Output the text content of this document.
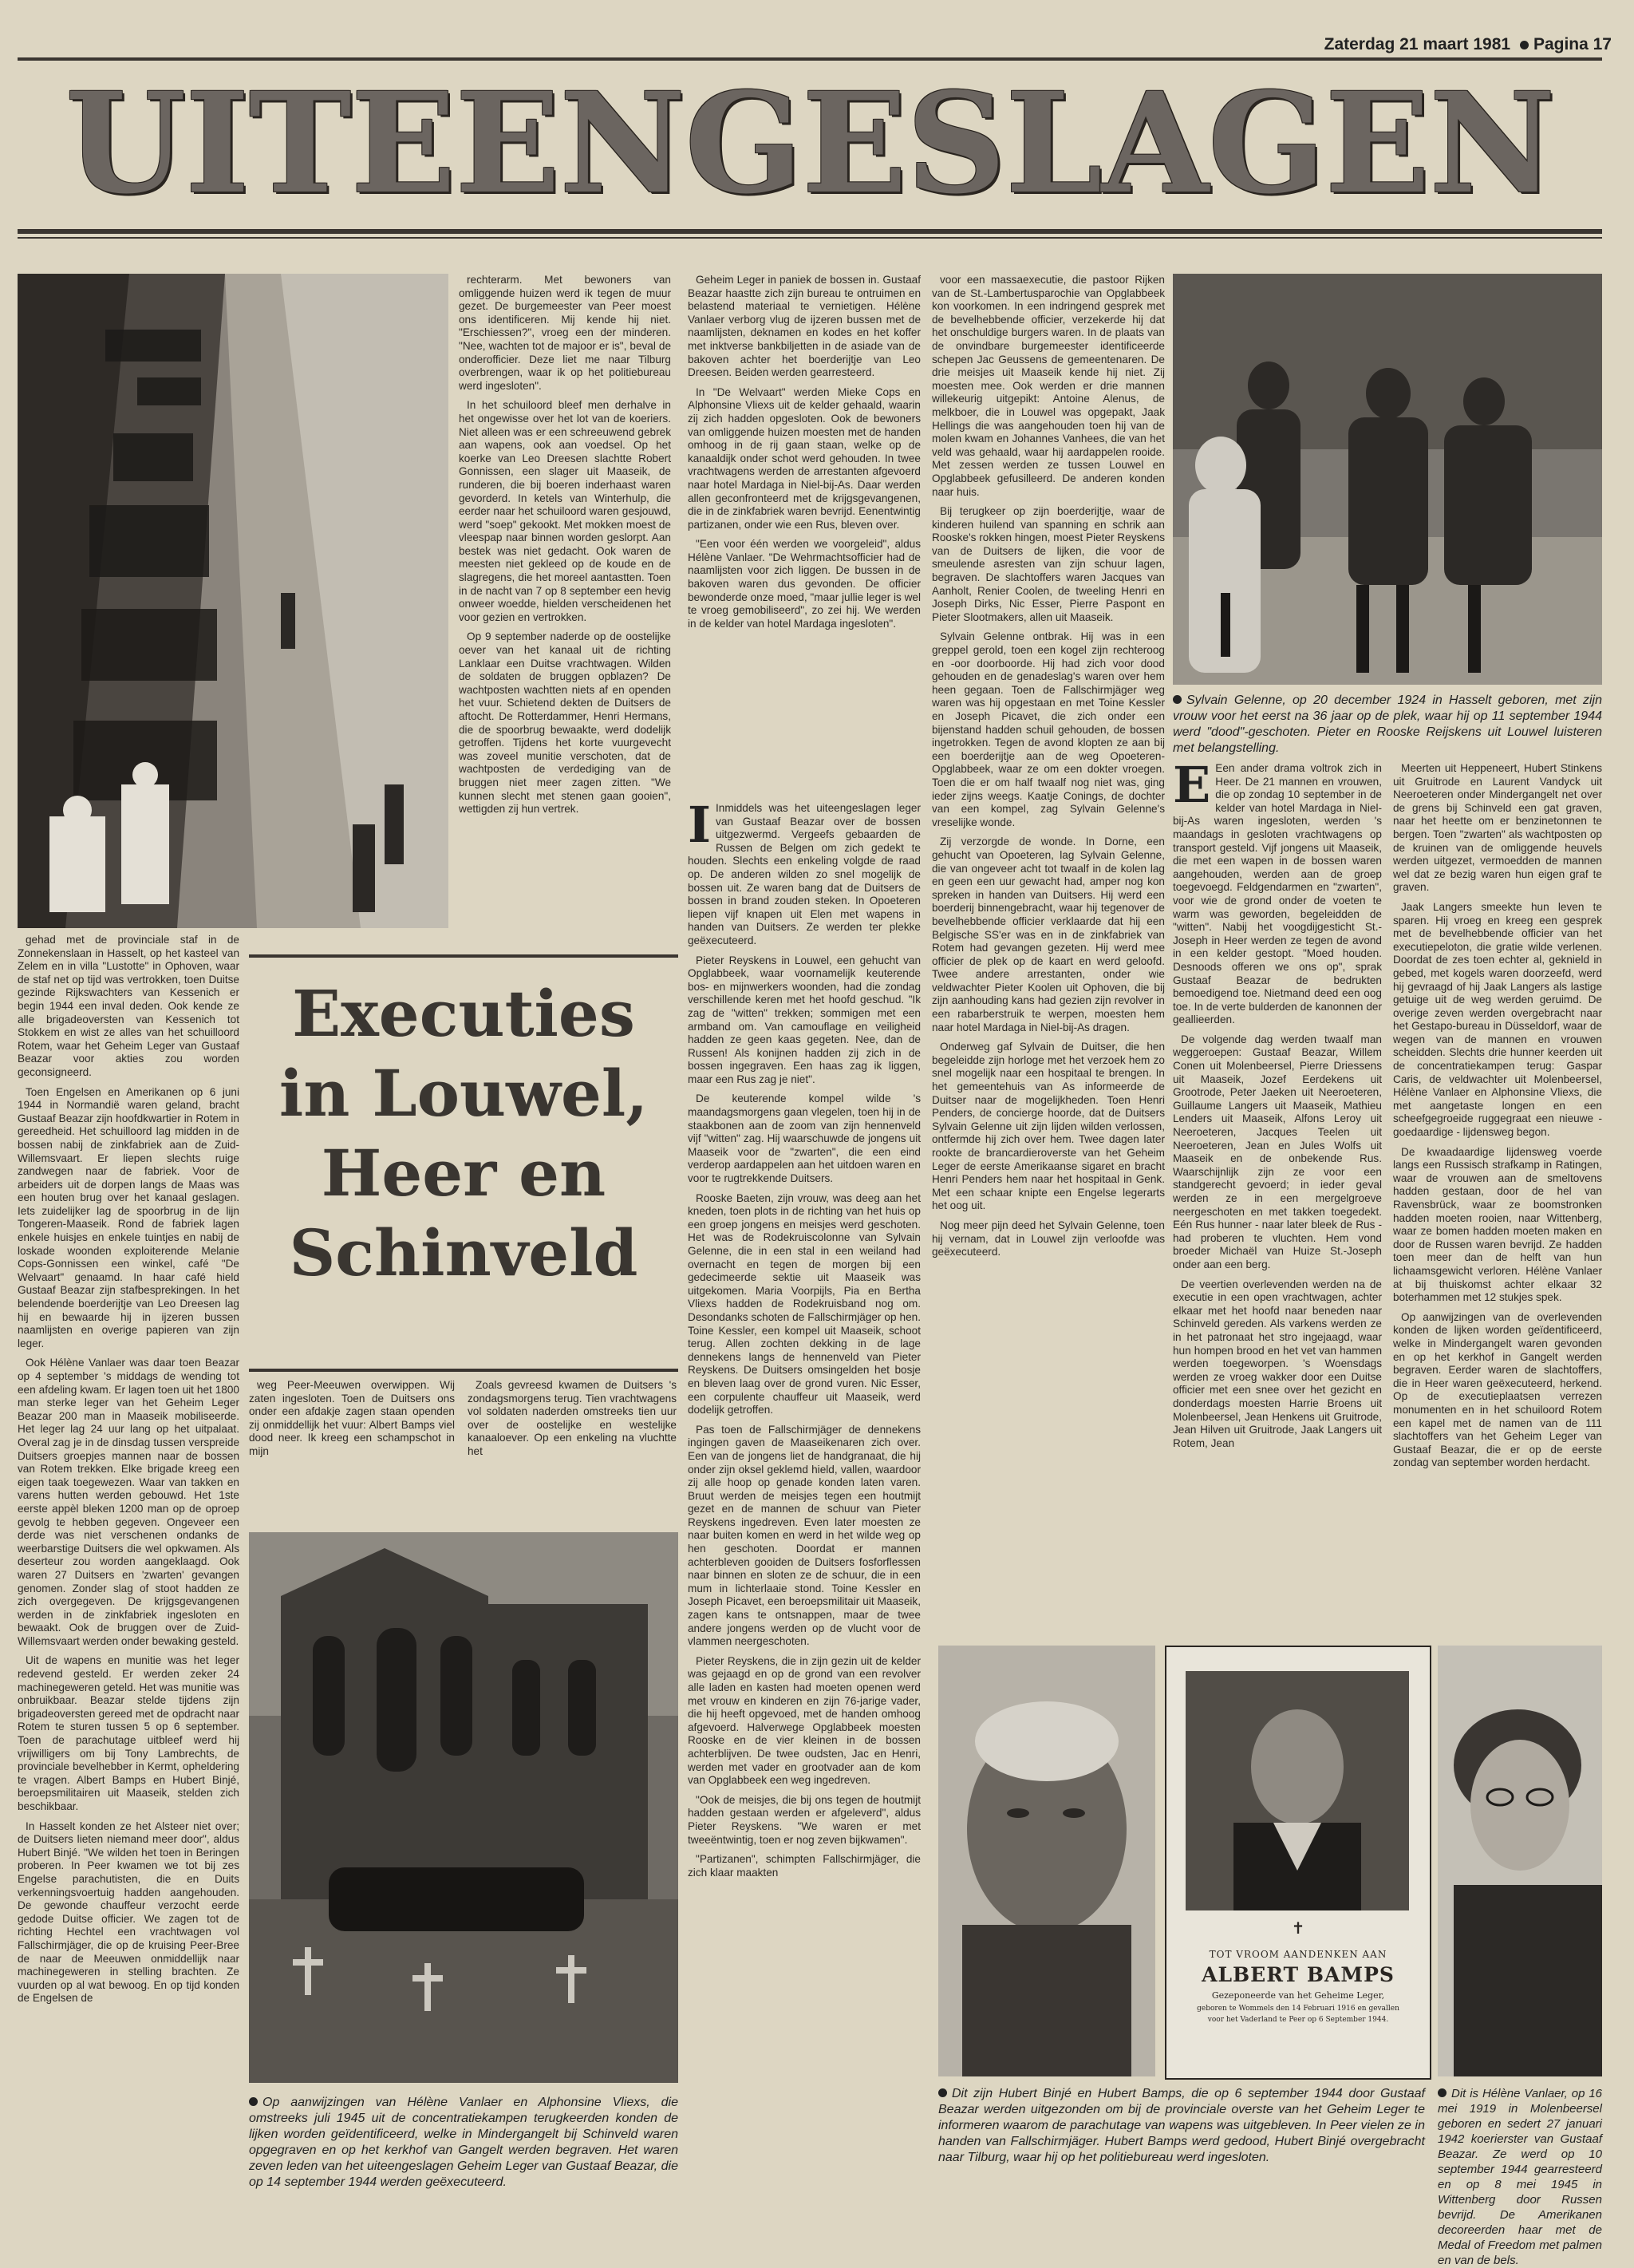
Zaterdag 21 maart 1981 Pagina 17
UITEENGESLAGEN
✝
TOT VROOM AANDENKEN AAN
ALBERT BAMPS
Gezeponeerde van het Geheime Leger,
geboren te Wommels den 14 Februari 1916 en gevallen
voor het Vaderland te Peer op 6 September 1944.
Executies in Louwel, Heer en Schinveld

gehad met de provinciale staf in de Zonnekenslaan in Hasselt, op het kasteel van Zelem en in villa "Lustotte" in Ophoven, waar de staf net op tijd was vertrokken, toen Duitse gezinde Rijkswachters van Kessenich er begin 1944 een inval deden. Ook kende ze alle brigadeoversten van Kessenich tot Stokkem en wist ze alles van het schuilloord Rotem, waar het Geheim Leger van Gustaaf Beazar voor akties zou worden geconsigneerd.

Toen Engelsen en Amerikanen op 6 juni 1944 in Normandië waren geland, bracht Gustaaf Beazar zijn hoofdkwartier in Rotem in gereedheid. Het schuilloord lag midden in de bossen nabij de zinkfabriek aan de Zuid-Willemsvaart. Er liepen slechts ruige zandwegen naar de fabriek. Voor de arbeiders uit de dorpen langs de Maas was een houten brug over het kanaal geslagen. Iets zuidelijker lag de spoorbrug in de lijn Tongeren-Maaseik. Rond de fabriek lagen enkele huisjes en enkele tuintjes en nabij de loskade woonden exploiterende Melanie Cops-Gonnissen een winkel, café "De Welvaart" genaamd. In haar café hield Gustaaf Beazar zijn stafbesprekingen. In het belendende boerderijtje van Leo Dreesen lag hij en bewaarde hij in ijzeren bussen naamlijsten en overige papieren van zijn leger.

Ook Hélène Vanlaer was daar toen Beazar op 4 september 's middags de wending tot een afdeling kwam. Er lagen toen uit het 1800 man sterke leger van het Geheim Leger Beazar 200 man in Maaseik mobiliseerde. Het leger lag 24 uur lang op het uitpalaat. Overal zag je in de dinsdag tussen verspreide Duitsers groepjes mannen naar de bossen van Rotem trekken. Elke brigade kreeg een eigen taak toegewezen. Waar van takken en varens hutten werden gebouwd. Het 1ste eerste appèl bleken 1200 man op de oproep gevolg te hebben gegeven. Ongeveer een derde was niet verschenen ondanks de weerbarstige Duitsers die wel opkwamen. Als deserteur zou worden aangeklaagd. Ook waren 27 Duitsers en 'zwarten' gevangen genomen. Zonder slag of stoot hadden ze zich overgegeven. De krijgsgevangenen werden in de zinkfabriek ingesloten en bewaakt. Ook de bruggen over de Zuid-Willemsvaart werden onder bewaking gesteld.

Uit de wapens en munitie was het leger redevend gesteld. Er werden zeker 24 machinegeweren geteld. Het was munitie was onbruikbaar. Beazar stelde tijdens zijn brigadeoversten gereed met de opdracht naar Rotem te sturen tussen 5 op 6 september. Toen de parachutage uitbleef werd hij vrijwilligers om bij Tony Lambrechts, de provinciale bevelhebber in Kermt, opheldering te vragen. Albert Bamps en Hubert Binjé, beroepsmilitairen uit Maaseik, stelden zich beschikbaar.

In Hasselt konden ze het Alsteer niet over; de Duitsers lieten niemand meer door", aldus Hubert Binjé. "We wilden het toen in Beringen proberen. In Peer kwamen we tot bij zes Engelse parachutisten, die en Duits verkenningsvoertuig hadden aangehouden. De gewonde chauffeur verzocht eerde gedode Duitse officier. We zagen tot de richting Hechtel een vrachtwagen vol Fallschirmjäger, die op de kruising Peer-Bree de naar de Meeuwen onmiddellijk naar machinegeweren in stelling brachten. Ze vuurden op al wat bewoog. En op tijd konden de Engelsen de

rechterarm. Met bewoners van omliggende huizen werd ik tegen de muur gezet. De burgemeester van Peer moest ons identificeren. Mij kende hij niet. "Erschiessen?", vroeg een der minderen. "Nee, wachten tot de majoor er is", beval de onderofficier. Deze liet me naar Tilburg overbrengen, waar ik op het politiebureau werd ingesloten".

In het schuiloord bleef men derhalve in het ongewisse over het lot van de koeriers. Niet alleen was er een schreeuwend gebrek aan wapens, ook aan voedsel. Op het koerke van Leo Dreesen slachtte Robert Gonnissen, een slager uit Maaseik, de runderen, die bij boeren inderhaast waren gevorderd. In ketels van Winterhulp, die eerder naar het schuiloord waren gesjouwd, werd "soep" gekookt. Met mokken moest de vleespap naar binnen worden geslorpt. Aan bestek was niet gedacht. Ook waren de meesten niet gekleed op de koude en de slagregens, die het moreel aantastten. Toen in de nacht van 7 op 8 september een hevig onweer woedde, hielden verscheidenen het voor gezien en vertrokken.

Op 9 september naderde op de oostelijke oever van het kanaal uit de richting Lanklaar een Duitse vrachtwagen. Wilden de soldaten de bruggen opblazen? De wachtposten wachtten niets af en openden het vuur. Schietend dekten de Duitsers de aftocht. De Rotterdammer, Henri Hermans, die de spoorbrug bewaakte, werd dodelijk getroffen. Tijdens het korte vuurgevecht was zoveel munitie verschoten, dat de wachtposten de verdediging van de bruggen niet meer zagen zitten. "We kunnen slecht met stenen gaan gooien", wettigden zij hun vertrek.

weg Peer-Meeuwen overwippen. Wij zaten ingesloten. Toen de Duitsers ons onder een afdakje zagen staan openden zij onmiddellijk het vuur: Albert Bamps viel dood neer. Ik kreeg een schampschot in mijn

Zoals gevreesd kwamen de Duitsers 's zondagsmorgens terug. Tien vrachtwagens vol soldaten naderden omstreeks tien uur over de oostelijke en westelijke kanaaloever. Op een enkeling na vluchtte het

Geheim Leger in paniek de bossen in. Gustaaf Beazar haastte zich zijn bureau te ontruimen en belastend materiaal te vernietigen. Hélène Vanlaer verborg vlug de ijzeren bussen met de naamlijsten, deknamen en kodes en het koffer met inktverse bankbiljetten in de asiade van de bakoven achter het boerderijtje van Leo Dreesen. Beiden werden gearresteerd.

In "De Welvaart" werden Mieke Cops en Alphonsine Vliexs uit de kelder gehaald, waarin zij zich hadden opgesloten. Ook de bewoners van omliggende huizen moesten met de handen omhoog in de rij gaan staan, welke op de kanaaldijk onder schot werd gehouden. In twee vrachtwagens werden de arrestanten afgevoerd naar hotel Mardaga in Niel-bij-As. Daar werden allen geconfronteerd met de krijgsgevangenen, die in de zinkfabriek waren bevrijd. Eenentwintig partizanen, onder wie een Rus, bleven over.

"Een voor één werden we voorgeleid", aldus Hélène Vanlaer. "De Wehrmachtsofficier had de naamlijsten voor zich liggen. De bussen in de bakoven waren dus gevonden. De officier bewonderde onze moed, "maar jullie leger is wel te vroeg gemobiliseerd", zo zei hij. We werden in de kelder van hotel Mardaga ingesloten".

I Inmiddels was het uiteengeslagen leger van Gustaaf Beazar over de bossen uitgezwermd. Vergeefs gebaarden de Russen de Belgen om zich gedekt te houden. Slechts een enkeling volgde de raad op. De anderen wilden zo snel mogelijk de bossen uit. Ze waren bang dat de Duitsers de bossen in brand zouden steken. In Opoeteren liepen vijf knapen uit Elen met wapens in handen van Duitsers. Ze werden ter plekke geëxecuteerd.

Pieter Reyskens in Louwel, een gehucht van Opglabbeek, waar voornamelijk keuterende bos- en mijnwerkers woonden, had die zondag verschillende keren met het hoofd geschud. "Ik zag de "witten" trekken; sommigen met een armband om. Van camouflage en veiligheid hadden ze geen kaas gegeten. Nee, dan de Russen! Als konijnen hadden zij zich in de bossen ingegraven. Een haas zag ik liggen, maar een Rus zag je niet".

De keuterende kompel wilde 's maandagsmorgens gaan vlegelen, toen hij in de staakbonen aan de zoom van zijn hennenveld vijf "witten" zag. Hij waarschuwde de jongens uit Maaseik voor de "zwarten", die een eind verderop aardappelen aan het uitdoen waren en voor te rugtrekkende Duitsers.

Rooske Baeten, zijn vrouw, was deeg aan het kneden, toen plots in de richting van het huis op een groep jongens en meisjes werd geschoten. Het was de Rodekruiscolonne van Sylvain Gelenne, die in een stal in een weiland had overnacht en tegen de morgen bij een gedecimeerde sektie uit Maaseik was uitgekomen. Maria Voorpijls, Pia en Bertha Vliexs hadden de Rodekruisband nog om. Desondanks schoten de Fallschirmjäger op hen. Toine Kessler, een kompel uit Maaseik, schoot terug. Allen zochten dekking in de lage dennekens langs de hennenveld van Pieter Reyskens. De Duitsers omsingelden het bosje en bleven laag over de grond vuren. Nic Esser, een corpulente chauffeur uit Maaseik, werd dodelijk getroffen.

Pas toen de Fallschirmjäger de dennekens ingingen gaven de Maaseikenaren zich over. Een van de jongens liet de handgranaat, die hij onder zijn oksel geklemd hield, vallen, waardoor zij alle hoop op genade konden laten varen. Bruut werden de meisjes tegen een houtmijt gezet en de mannen de schuur van Pieter Reyskens ingedreven. Even later moesten ze naar buiten komen en werd in het wilde weg op hen geschoten. Doordat er mannen achterbleven gooiden de Duitsers fosforflessen naar binnen en sloten ze de schuur, die in een mum in lichterlaaie stond. Toine Kessler en Joseph Picavet, een beroepsmilitair uit Maaseik, zagen kans te ontsnappen, maar de twee andere jongens werden op de vlucht voor de vlammen neergeschoten.

Pieter Reyskens, die in zijn gezin uit de kelder was gejaagd en op de grond van een revolver alle laden en kasten had moeten openen werd met vrouw en kinderen en zijn 76-jarige vader, die hij heeft opgevoed, met de handen omhoog afgevoerd. Halverwege Opglabbeek moesten Rooske en de vier kleinen in de bossen achterblijven. De twee oudsten, Jac en Henri, werden met vader en grootvader aan de kom van Opglabbeek een weg ingedreven.

"Ook de meisjes, die bij ons tegen de houtmijt hadden gestaan werden er afgeleverd", aldus Pieter Reyskens. "We waren er met tweeëntwintig, toen er nog zeven bijkwamen".

"Partizanen", schimpten Fallschirmjäger, die zich klaar maakten

voor een massaexecutie, die pastoor Rijken van de St.-Lambertusparochie van Opglabbeek kon voorkomen. In een indringend gesprek met de bevelhebbende officier, verzekerde hij dat het onschuldige burgers waren. In de plaats van de onvindbare burgemeester identificeerde schepen Jac Geussens de gemeentenaren. De drie meisjes uit Maaseik kende hij niet. Zij moesten mee. Ook werden er drie mannen willekeurig uitgepikt: Antoine Alenus, de melkboer, die in Louwel was opgepakt, Jaak Hellings die was aangehouden toen hij van de molen kwam en Johannes Vanhees, die van het veld was gehaald, waar hij aardappelen rooide. Met zessen werden ze tussen Louwel en Opglabbeek gefusilleerd. De anderen konden naar huis.

Bij terugkeer op zijn boerderijtje, waar de kinderen huilend van spanning en schrik aan Rooske's rokken hingen, moest Pieter Reyskens van de Duitsers de lijken, die voor de smeulende asresten van zijn schuur lagen, begraven. De slachtoffers waren Jacques van Aanholt, Renier Coolen, de tweeling Henri en Joseph Dirks, Nic Esser, Pierre Paspont en Pieter Slootmakers, allen uit Maaseik.

Sylvain Gelenne ontbrak. Hij was in een greppel gerold, toen een kogel zijn rechteroog en -oor doorboorde. Hij had zich voor dood gehouden en de genadeslag's waren over hem heen gegaan. Toen de Fallschirmjäger weg waren was hij opgestaan en met Toine Kessler en Joseph Picavet, die zich onder een bijenstand hadden schuil gehouden, de bossen ingetrokken. Tegen de avond klopten ze aan bij een boerderijtje aan de weg Opoeteren-Opglabbeek, waar ze om een dokter vroegen. Toen die er om half twaalf nog niet was, ging ieder zijns weegs. Kaatje Conings, de dochter van een kompel, zag Sylvain Gelenne's vreselijke wonde.

Zij verzorgde de wonde. In Dorne, een gehucht van Opoeteren, lag Sylvain Gelenne, die van ongeveer acht tot twaalf in de kolen lag en geen een uur gewacht had, amper nog kon spreken in handen van Duitsers. Hij werd een boerderij binnengebracht, waar hij tegenover de bevelhebbende officier verklaarde dat hij een Belgische SS'er was en in de zinkfabriek van Rotem had gevangen gezeten. Hij werd mee officier de plek op de kaart en werd geloofd. Twee andere arrestanten, onder wie veldwachter Pieter Koolen uit Ophoven, die bij zijn aanhouding kans had gezien zijn revolver in een rabarberstruik te werpen, moesten hem naar hotel Mardaga in Niel-bij-As dragen.

Onderweg gaf Sylvain de Duitser, die hen begeleidde zijn horloge met het verzoek hem zo snel mogelijk naar een hospitaal te brengen. In het gemeentehuis van As informeerde de Duitser naar de mogelijkheden. Toen Henri Penders, de concierge hoorde, dat de Duitsers Sylvain Gelenne uit zijn lijden wilden verlossen, ontfermde hij zich over hem. Twee dagen later rookte de brancardieroverste van het Geheim Leger de eerste Amerikaanse sigaret en bracht Henri Penders hem naar het hospitaal in Genk. Met een schaar knipte een Engelse legerarts het oog uit.

Nog meer pijn deed het Sylvain Gelenne, toen hij vernam, dat in Louwel zijn verloofde was geëxecuteerd.

E Een ander drama voltrok zich in Heer. De 21 mannen en vrouwen, die op zondag 10 september in de kelder van hotel Mardaga in Niel-bij-As waren ingesloten, werden 's maandags in gesloten vrachtwagens op transport gesteld. Vijf jongens uit Maaseik, die met een wapen in de bossen waren aangehouden, werden aan de groep toegevoegd. Feldgendarmen en "zwarten", voor wie de grond onder de voeten te warm was geworden, begeleidden de "witten". Nabij het voogdijgesticht St.-Joseph in Heer werden ze tegen de avond in een kelder gestopt. "Moed houden. Desnoods offeren we ons op", sprak Gustaaf Beazar de bedrukten bemoedigend toe. Nietmand deed een oog toe. In de verte bulderden de kanonnen der geallieerden.

De volgende dag werden twaalf man weggeroepen: Gustaaf Beazar, Willem Conen uit Molenbeersel, Pierre Driessens uit Maaseik, Jozef Eerdekens uit Grootrode, Peter Jaeken uit Neeroeteren, Guillaume Langers uit Maaseik, Mathieu Lenders uit Maaseik, Alfons Leroy uit Neeroeteren, Jacques Teelen uit Neeroeteren, Jean en Jules Wolfs uit Maaseik en de onbekende Rus. Waarschijnlijk zijn ze voor een standgerecht gevoerd; in ieder geval werden ze in een mergelgroeve neergeschoten en met takken toegedekt. Eén Rus hunner - naar later bleek de Rus - had proberen te vluchten. Hem vond broeder Michaël van Huize St.-Joseph onder aan een berg.

De veertien overlevenden werden na de executie in een open vrachtwagen, achter elkaar met het hoofd naar beneden naar Schinveld gereden. Als varkens werden ze in het patronaat het stro ingejaagd, waar hun hompen brood en het vet van hammen werden toegeworpen. 's Woensdags werden ze vroeg wakker door een Duitse officier met een snee over het gezicht en donderdags moesten Harrie Broens uit Molenbeersel, Jean Henkens uit Gruitrode, Jean Hilven uit Gruitrode, Jaak Langers uit Rotem, Jean

Meerten uit Heppeneert, Hubert Stinkens uit Gruitrode en Laurent Vandyck uit Neeroeteren onder Mindergangelt net over de grens bij Schinveld een gat graven, naar het heette om er benzinetonnen te bergen. Toen "zwarten" als wachtposten op de kruinen van de omliggende heuvels werden uitgezet, vermoedden de mannen wel dat ze bezig waren hun eigen graf te graven.

Jaak Langers smeekte hun leven te sparen. Hij vroeg en kreeg een gesprek met de bevelhebbende officier van het executiepeloton, die gratie wilde verlenen. Doordat de zes toen echter al, geknield in gebed, met kogels waren doorzeefd, werd hij gevraagd of hij Jaak Langers als lastige getuige uit de weg werden geruimd. De overige zeven werden overgebracht naar het Gestapo-bureau in Düsseldorf, waar de wegen van de mannen en vrouwen scheidden. Slechts drie hunner keerden uit de concentratiekampen terug: Gaspar Caris, de veldwachter uit Molenbeersel, Hélène Vanlaer en Alphonsine Vliexs, die met aangetaste longen en een scheefgegroeide ruggegraat een nieuwe - goedaardige - lijdensweg begon.

De kwaadaardige lijdensweg voerde langs een Russisch strafkamp in Ratingen, waar de vrouwen aan de smeltovens hadden gestaan, door de hel van Ravensbrück, waar ze boomstronken hadden moeten rooien, naar Wittenberg, waar ze bomen hadden moeten maken en door de Russen waren bevrijd. Ze hadden toen meer dan de helft van hun lichaamsgewicht verloren. Hélène Vanlaer at bij thuiskomst achter elkaar 32 boterhammen met 12 stukjes spek.

Op aanwijzingen van de overlevenden konden de lijken worden geïdentificeerd, welke in Mindergangelt waren gevonden en op het kerkhof in Gangelt werden begraven. Eerder waren de slachtoffers, die in Heer waren geëxecuteerd, herkend. Op de executieplaatsen verrezen monumenten en in het schuiloord Rotem een kapel met de namen van de 111 slachtoffers van het Geheim Leger van Gustaaf Beazar, die er op de eerste zondag van september worden herdacht.

Sylvain Gelenne, op 20 december 1924 in Hasselt geboren, met zijn vrouw voor het eerst na 36 jaar op de plek, waar hij op 11 september 1944 werd "dood"-geschoten. Pieter en Rooske Reijskens uit Louwel luisteren met belangstelling.
Op aanwijzingen van Hélène Vanlaer en Alphonsine Vliexs, die omstreeks juli 1945 uit de concentratiekampen terugkeerden konden de lijken worden geïdentificeerd, welke in Mindergangelt bij Schinveld waren opgegraven en op het kerkhof van Gangelt werden begraven. Het waren zeven leden van het uiteengeslagen Geheim Leger van Gustaaf Beazar, die op 14 september 1944 werden geëxecuteerd.
Dit zijn Hubert Binjé en Hubert Bamps, die op 6 september 1944 door Gustaaf Beazar werden uitgezonden om bij de provinciale overste van het Geheim Leger te informeren waarom de parachutage van wapens was uitgebleven. In Peer vielen ze in handen van Fallschirmjäger. Hubert Bamps werd gedood, Hubert Binjé overgebracht naar Tilburg, waar hij op het politiebureau werd ingesloten.
Dit is Hélène Vanlaer, op 16 mei 1919 in Molenbeersel geboren en sedert 27 januari 1942 koerierster van Gustaaf Beazar. Ze werd op 10 september 1944 gearresteerd en op 8 mei 1945 in Wittenberg door Russen bevrijd. De Amerikanen decoreerden haar met de Medal of Freedom met palmen en van de bels.
